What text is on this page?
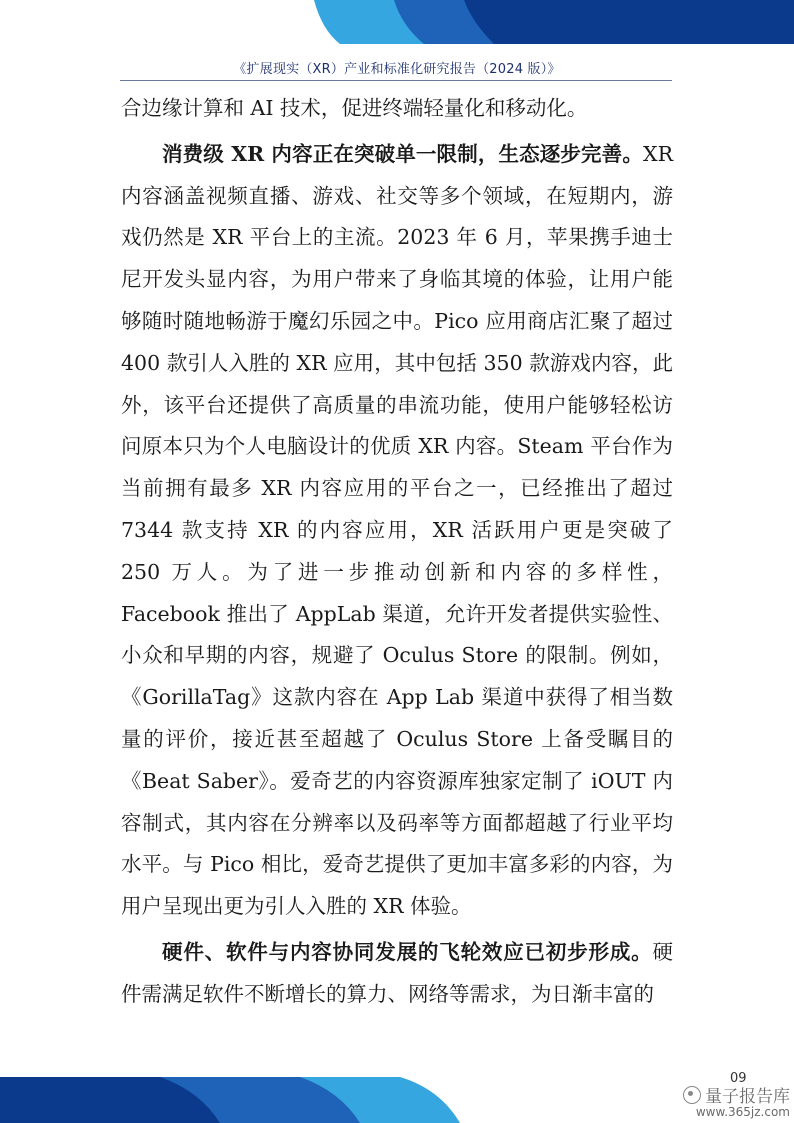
《扩展现实（XR）产业和标准化研究报告（2024 版）》

合边缘计算和 AI 技术，促进终端轻量化和移动化。

消费级 XR 内容正在突破单一限制，生态逐步完善。XR 内容涵盖视频直播、游戏、社交等多个领域，在短期内，游戏仍然是 XR 平台上的主流。2023 年 6 月，苹果携手迪士尼开发头显内容，为用户带来了身临其境的体验，让用户能够随时随地畅游于魔幻乐园之中。Pico 应用商店汇聚了超过 400 款引人入胜的 XR 应用，其中包括 350 款游戏内容，此外，该平台还提供了高质量的串流功能，使用户能够轻松访问原本只为个人电脑设计的优质 XR 内容。Steam 平台作为当前拥有最多 XR 内容应用的平台之一，已经推出了超过 7344 款支持 XR 的内容应用，XR 活跃用户更是突破了 250 万人。为了进一步推动创新和内容的多样性，Facebook 推出了 AppLab 渠道，允许开发者提供实验性、小众和早期的内容，规避了 Oculus Store 的限制。例如，《GorillaTag》这款内容在 App Lab 渠道中获得了相当数量的评价，接近甚至超越了 Oculus Store 上备受瞩目的《Beat Saber》。爱奇艺的内容资源库独家定制了 iOUT 内容制式，其内容在分辨率以及码率等方面都超越了行业平均水平。与 Pico 相比，爱奇艺提供了更加丰富多彩的内容，为用户呈现出更为引人入胜的 XR 体验。

硬件、软件与内容协同发展的飞轮效应已初步形成。硬件需满足软件不断增长的算力、网络等需求，为日渐丰富的

09
量子报告库
www.365jz.com
